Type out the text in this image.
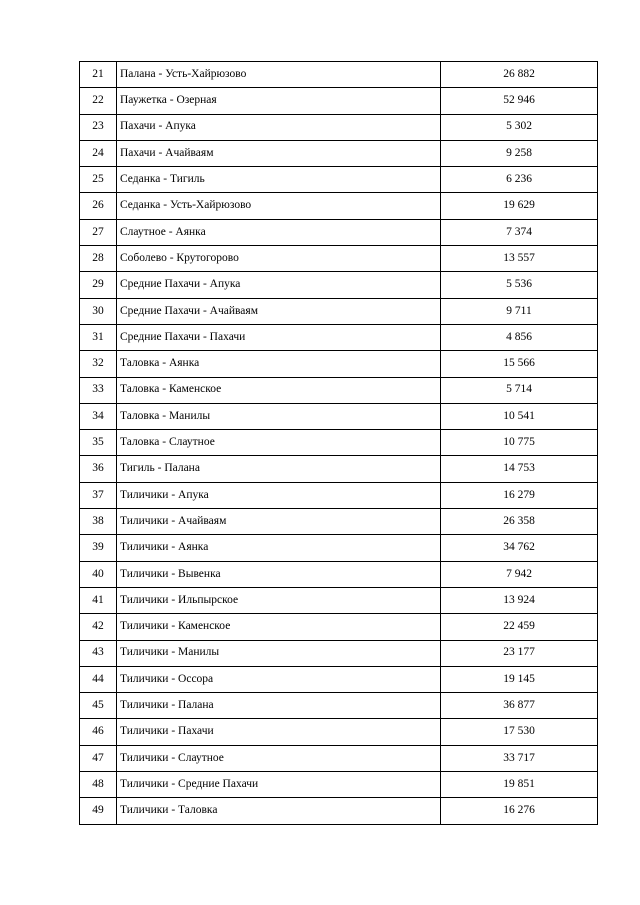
21	Палана - Усть-Хайрюзово	26 882
22	Паужетка - Озерная	52 946
23	Пахачи - Апука	5 302
24	Пахачи - Ачайваям	9 258
25	Седанка - Тигиль	6 236
26	Седанка - Усть-Хайрюзово	19 629
27	Слаутное - Аянка	7 374
28	Соболево - Крутогорово	13 557
29	Средние Пахачи - Апука	5 536
30	Средние Пахачи - Ачайваям	9 711
31	Средние Пахачи - Пахачи	4 856
32	Таловка - Аянка	15 566
33	Таловка - Каменское	5 714
34	Таловка - Манилы	10 541
35	Таловка - Слаутное	10 775
36	Тигиль - Палана	14 753
37	Тиличики - Апука	16 279
38	Тиличики - Ачайваям	26 358
39	Тиличики - Аянка	34 762
40	Тиличики - Вывенка	7 942
41	Тиличики - Ильпырское	13 924
42	Тиличики - Каменское	22 459
43	Тиличики - Манилы	23 177
44	Тиличики - Оссора	19 145
45	Тиличики - Палана	36 877
46	Тиличики - Пахачи	17 530
47	Тиличики - Слаутное	33 717
48	Тиличики - Средние Пахачи	19 851
49	Тиличики - Таловка	16 276
